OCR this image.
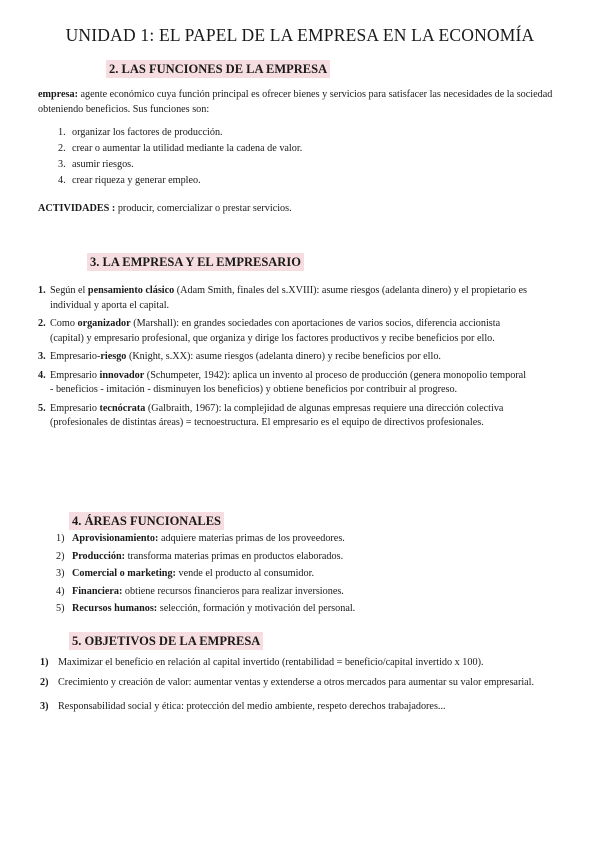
UNIDAD 1: EL PAPEL DE LA EMPRESA EN LA ECONOMÍA
2. LAS FUNCIONES DE LA EMPRESA

empresa: agente económico cuya función principal es ofrecer bienes y servicios para satisfacer las necesidades de la sociedad obteniendo beneficios. Sus funciones son:

1. organizar los factores de producción.
2. crear o aumentar la utilidad mediante la cadena de valor.
3. asumir riesgos.
4. crear riqueza y generar empleo.

ACTIVIDADES : producir, comercializar o prestar servicios.

3. LA EMPRESA Y EL EMPRESARIO
1. Según el pensamiento clásico (Adam Smith, finales del s.XVIII): asume riesgos (adelanta dinero) y el propietario es individual y aporta el capital.
2. Como organizador (Marshall): en grandes sociedades con aportaciones de varios socios, diferencia accionista (capital) y empresario profesional, que organiza y dirige los factores productivos y recibe beneficios por ello.
3. Empresario-riesgo (Knight, s.XX): asume riesgos (adelanta dinero) y recibe beneficios por ello.
4. Empresario innovador (Schumpeter, 1942): aplica un invento al proceso de producción (genera monopolio temporal - beneficios - imitación - disminuyen los beneficios) y obtiene beneficios por contribuir al progreso.
5. Empresario tecnócrata (Galbraith, 1967): la complejidad de algunas empresas requiere una dirección colectiva (profesionales de distintas áreas) = tecnoestructura. El empresario es el equipo de directivos profesionales.
4. ÁREAS FUNCIONALES
1) Aprovisionamiento: adquiere materias primas de los proveedores.
2) Producción: transforma materias primas en productos elaborados.
3) Comercial o marketing: vende el producto al consumidor.
4) Financiera: obtiene recursos financieros para realizar inversiones.
5) Recursos humanos: selección, formación y motivación del personal.
5. OBJETIVOS DE LA EMPRESA
1) Maximizar el beneficio en relación al capital invertido (rentabilidad = beneficio/capital invertido x 100).
2) Crecimiento y creación de valor: aumentar ventas y extenderse a otros mercados para aumentar su valor empresarial.
3) Responsabilidad social y ética: protección del medio ambiente, respeto derechos trabajadores...
